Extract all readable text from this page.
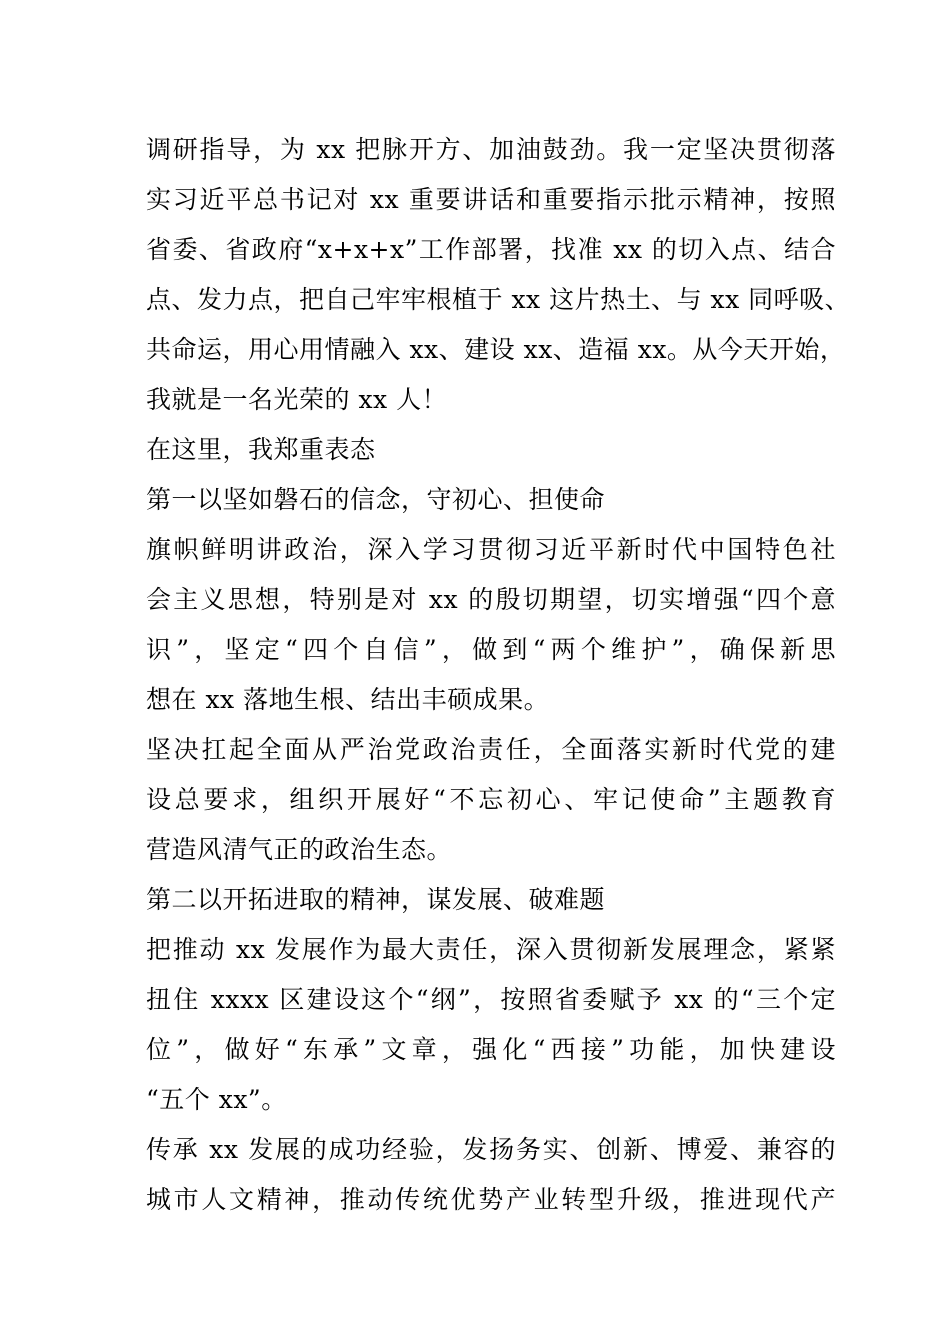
调研指导，为 xx 把脉开方、加油鼓劲。我一定坚决贯彻落
实习近平总书记对 xx 重要讲话和重要指示批示精神，按照
省委、省政府“x+x+x”工作部署，找准 xx 的切入点、结合
点、发力点，把自己牢牢根植于 xx 这片热土、与 xx 同呼吸、
共命运，用心用情融入 xx、建设 xx、造福 xx。从今天开始，
我就是一名光荣的 xx 人！
在这里，我郑重表态
第一以坚如磐石的信念，守初心、担使命
旗帜鲜明讲政治，深入学习贯彻习近平新时代中国特色社
会主义思想，特别是对 xx 的殷切期望，切实增强“四个意
识”，坚定“四个自信”，做到“两个维护”，确保新思
想在 xx 落地生根、结出丰硕成果。
坚决扛起全面从严治党政治责任，全面落实新时代党的建
设总要求，组织开展好“不忘初心、牢记使命”主题教育
营造风清气正的政治生态。
第二以开拓进取的精神，谋发展、破难题
把推动 xx 发展作为最大责任，深入贯彻新发展理念，紧紧
扭住 xxxx 区建设这个“纲”，按照省委赋予 xx 的“三个定
位”，做好“东承”文章，强化“西接”功能，加快建设
“五个 xx”。
传承 xx 发展的成功经验，发扬务实、创新、博爱、兼容的
城市人文精神，推动传统优势产业转型升级，推进现代产
